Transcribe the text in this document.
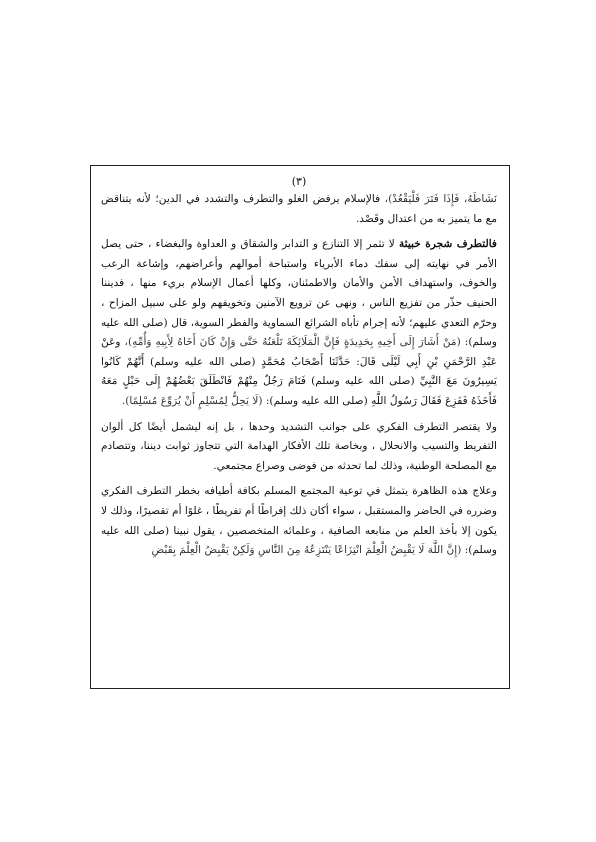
(٣)

نَشَاطَهُ، فَإِذَا فَتَرَ فَلْيَقْعُدْ)، فالإسلام يرفض الغلو والتطرف والتشدد في الدين؛ لأنه يتناقض مع ما يتميز به من اعتدال وقَصْد.

فالتطرف شجرة خبيثة لا تثمر إلا التنازع و التدابر والشقاق و العداوة والبغضاء ، حتى يصل الأمر في نهايته إلى سفك دماء الأبرياء واستباحة أموالهم وأعراضهم، وإشاعة الرعب والخوف، واستهداف الأمن والأمان والاطمئنان، وكلها أعمال الإسلام بريء منها ، فديننا الحنيف حذّر من تفزيع الناس ، ونهى عن ترويع الآمنين وتخويفهم ولو على سبيل المزاح ، وحرّم التعدي عليهم؛ لأنه إجرام تأباه الشرائع السماوية والفطر السوية، قال (صلى الله عليه وسلم): (مَنْ أَشَارَ إِلَى أَخِيهِ بِحَدِيدَةٍ فَإِنَّ الْمَلَائِكَةَ تَلْعَنُهُ حَتَّى وَإِنْ كَانَ أَخَاهُ لِأَبِيهِ وَأُمِّهِ)، وعَنْ عَبْدِ الرَّحْمَنِ بْنِ أَبِي لَيْلَى قَالَ: حَدَّثَنَا أَصْحَابُ مُحَمَّدٍ (صلى الله عليه وسلم) أَنَّهُمْ كَانُوا يَسِيرُونَ مَعَ النَّبِيِّ (صلى الله عليه وسلم) فَنَامَ رَجُلٌ مِنْهُمْ فَانْطَلَقَ بَعْضُهُمْ إِلَى حَبْلٍ مَعَهُ فَأَخَذَهُ فَفَزِعَ فَقَالَ رَسُولُ اللَّهِ (صلى الله عليه وسلم): (لَا يَحِلُّ لِمُسْلِمٍ أَنْ يُرَوِّعَ مُسْلِمًا).

ولا يقتصر التطرف الفكري على جوانب التشديد وحدها ، بل إنه ليشمل أيضًا كل ألوان التفريط والتسيب والانحلال ، وبخاصة تلك الأفكار الهدامة التي تتجاوز ثوابت ديننا، وتتصادم مع المصلحة الوطنية، وذلك لما تحدثه من فوضى وصراع مجتمعي.

وعلاج هذه الظاهرة يتمثل في توعية المجتمع المسلم بكافة أطيافه بخطر التطرف الفكري وضرره في الحاضر والمستقبل ، سواء أكان ذلك إفراطًا أم تفريطًا ، غلوًا أم تقصيرًا، وذلك لا يكون إلا بأخذ العلم من منابعه الصافية ، وعلمائه المتخصصين ، يقول نبينا (صلى الله عليه وسلم): (إِنَّ اللَّهَ لَا يَقْبِضُ الْعِلْمَ انْتِزَاعًا يَنْتَزِعُهُ مِنَ النَّاسِ وَلَكِنْ يَقْبِضُ الْعِلْمَ بِقَبْضِ
